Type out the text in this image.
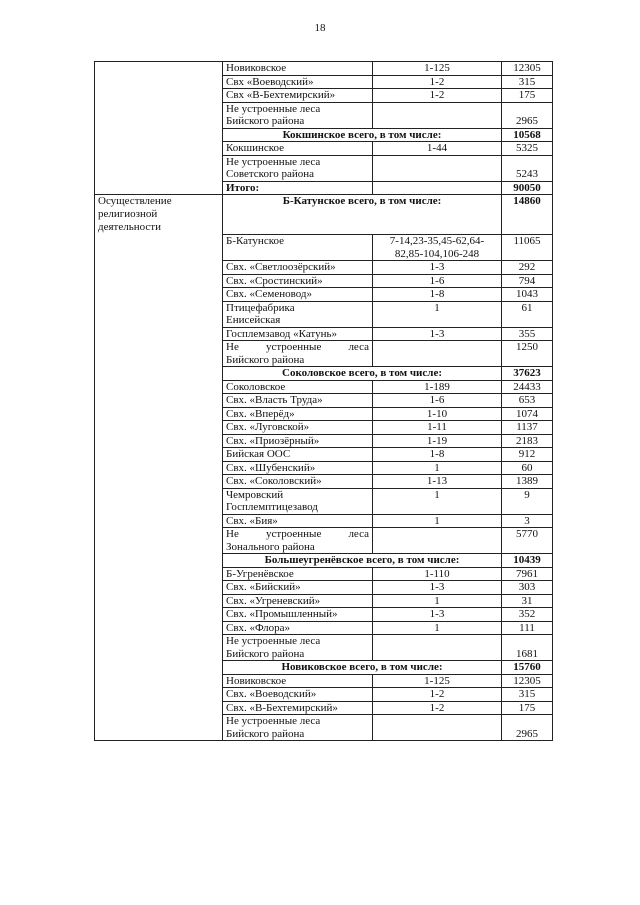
18
	Новиковское	1-125	12305
	Свх «Воеводский»	1-2	315
	Свх «В-Бехтемирский»	1-2	175

	Не устроенные леса
Бийского района		2965
	Кокшинское всего, в том числе:		10568
	Кокшинское	1-44	5325

	Не устроенные леса
Советского района		5243
	Итого:		90050

Осуществление
религиозной
деятельности	Б-Катунское всего, в том числе:		14860
	Б-Катунское	7-14,23-35,45-62,64-
82,85-104,106-248	11065
	Свх. «Светлоозёрский»	1-3	292
	Свх. «Сростинский»	1-6	794
	Свх. «Семеновод»	1-8	1043

	Птицефабрика
Енисейская	1	61
	Госплемзавод «Катунь»	1-3	355

	Не устроенные леса
Бийского района		1250
	Соколовское всего, в том числе:		37623
	Соколовское	1-189	24433
	Свх. «Власть Труда»	1-6	653
	Свх. «Вперёд»	1-10	1074
	Свх. «Луговской»	1-11	1137
	Свх. «Приозёрный»	1-19	2183
	Бийская ООС	1-8	912
	Свх. «Шубенский»	1	60
	Свх. «Соколовский»	1-13	1389

	Чемровский
Госплемптицезавод	1	9
	Свх. «Бия»	1	3

	Не устроенные леса
Зонального района		5770
	Большеугренёвское всего, в том числе:		10439
	Б-Угренёвское	1-110	7961
	Свх. «Бийский»	1-3	303
	Свх. «Угреневский»	1	31
	Свх. «Промышленный»	1-3	352
	Свх. «Флора»	1	111

	Не устроенные леса
Бийского района		1681
	Новиковское всего, в том числе:		15760
	Новиковское	1-125	12305
	Свх. «Воеводский»	1-2	315
	Свх. «В-Бехтемирский»	1-2	175

	Не устроенные леса
Бийского района		2965
